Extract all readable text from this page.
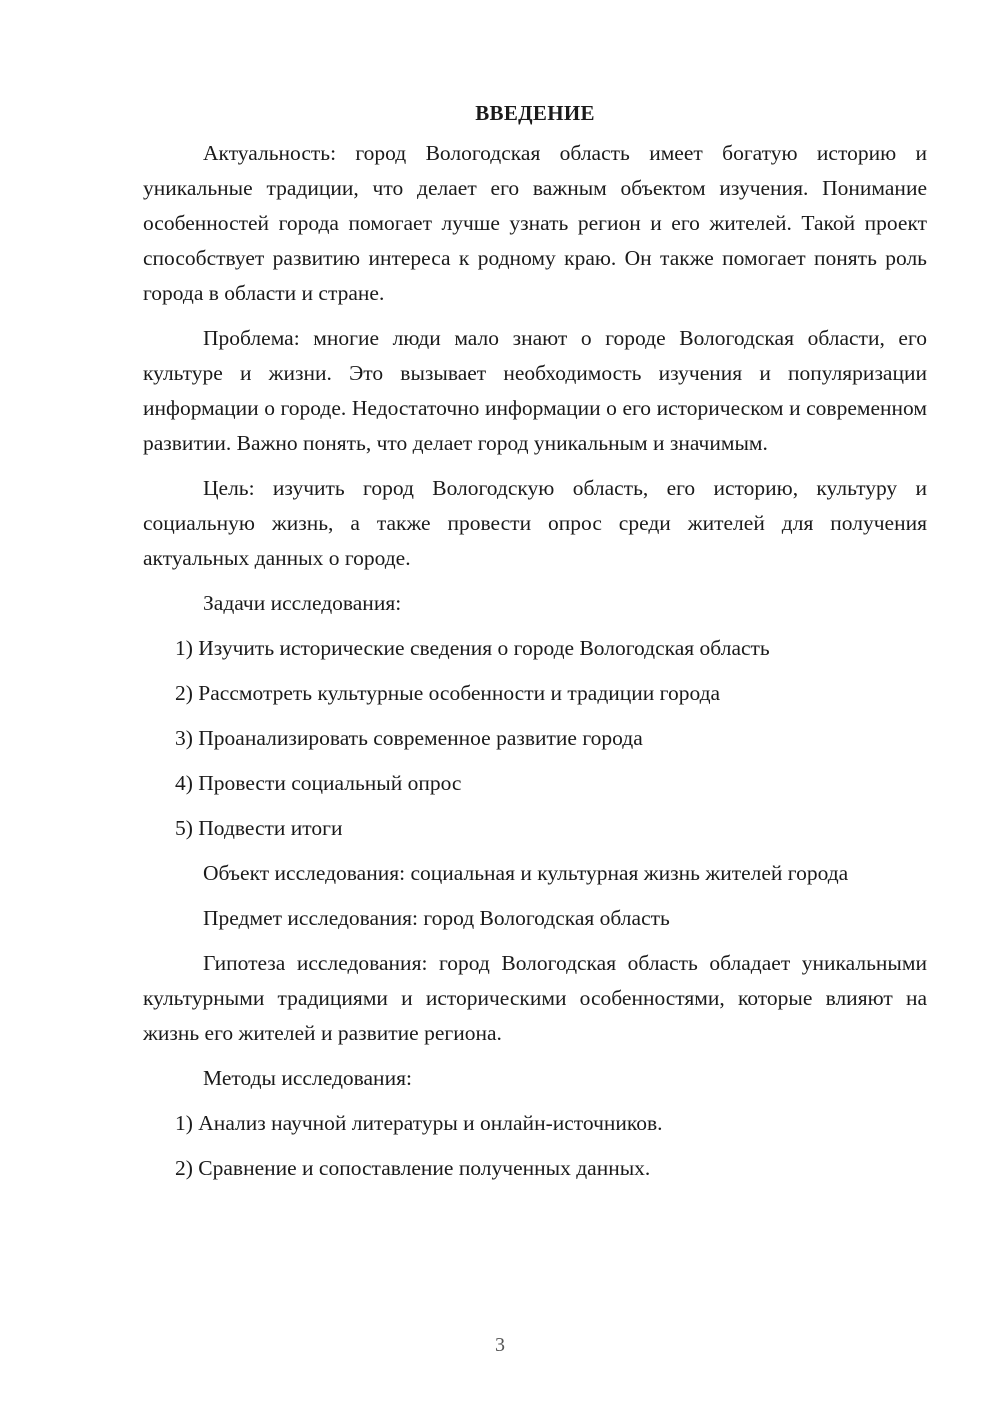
ВВЕДЕНИЕ

Актуальность: город Вологодская область имеет богатую историю и уникальные традиции, что делает его важным объектом изучения. Понимание особенностей города помогает лучше узнать регион и его жителей. Такой проект способствует развитию интереса к родному краю. Он также помогает понять роль города в области и стране.

Проблема: многие люди мало знают о городе Вологодская области, его культуре и жизни. Это вызывает необходимость изучения и популяризации информации о городе. Недостаточно информации о его историческом и современном развитии. Важно понять, что делает город уникальным и значимым.

Цель: изучить город Вологодскую область, его историю, культуру и социальную жизнь, а также провести опрос среди жителей для получения актуальных данных о городе.

Задачи исследования:

1) Изучить исторические сведения о городе Вологодская область

2) Рассмотреть культурные особенности и традиции города

3) Проанализировать современное развитие города

4) Провести социальный опрос

5) Подвести итоги

Объект исследования: социальная и культурная жизнь жителей города

Предмет исследования: город Вологодская область

Гипотеза исследования: город Вологодская область обладает уникальными культурными традициями и историческими особенностями, которые влияют на жизнь его жителей и развитие региона.

Методы исследования:

1) Анализ научной литературы и онлайн-источников.

2) Сравнение и сопоставление полученных данных.

3
